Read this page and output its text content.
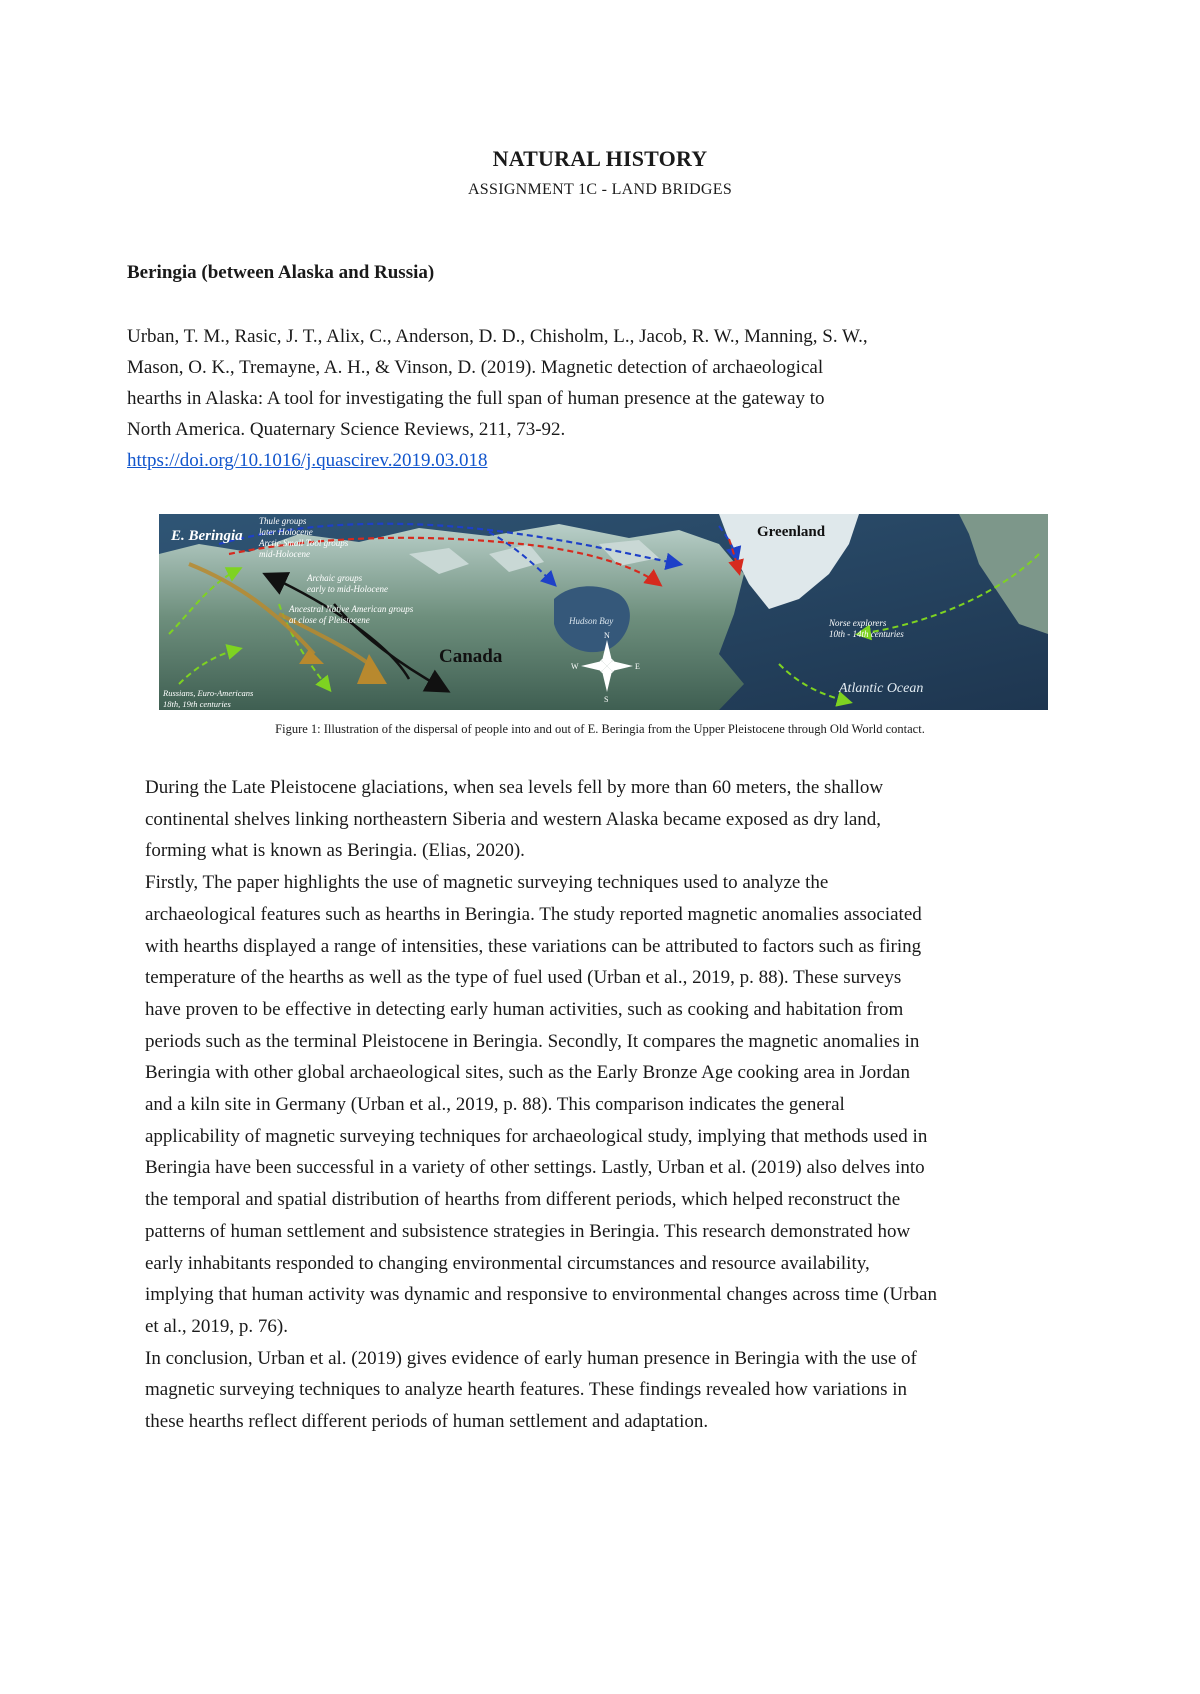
NATURAL HISTORY
ASSIGNMENT 1C - LAND BRIDGES
Beringia (between Alaska and Russia)
Urban, T. M., Rasic, J. T., Alix, C., Anderson, D. D., Chisholm, L., Jacob, R. W., Manning, S. W.,
Mason, O. K., Tremayne, A. H., & Vinson, D. (2019). Magnetic detection of archaeological
hearths in Alaska: A tool for investigating the full span of human presence at the gateway to
North America. Quaternary Science Reviews, 211, 73-92.
https://doi.org/10.1016/j.quascirev.2019.03.018
E. Beringia
Thule groups
later Holocene
Arctic Small Tool groups
mid-Holocene
Archaic groups
early to mid-Holocene
Ancestral Native American groups
at close of Pleistocene
Russians, Euro-Americans
18th, 19th centuries
Canada
Hudson Bay
Greenland
Norse explorers
10th - 14th centuries
Atlantic Ocean
N
S
E
W
Figure 1: Illustration of the dispersal of people into and out of E. Beringia from the Upper Pleistocene through Old World contact.
During the Late Pleistocene glaciations, when sea levels fell by more than 60 meters, the shallow
continental shelves linking northeastern Siberia and western Alaska became exposed as dry land,
forming what is known as Beringia. (Elias, 2020).
Firstly, The paper highlights the use of magnetic surveying techniques used to analyze the
archaeological features such as hearths in Beringia. The study reported magnetic anomalies associated
with hearths displayed a range of intensities, these variations can be attributed to factors such as firing
temperature of the hearths as well as the type of fuel used (Urban et al., 2019, p. 88). These surveys
have proven to be effective in detecting early human activities, such as cooking and habitation from
periods such as the terminal Pleistocene in Beringia. Secondly, It compares the magnetic anomalies in
Beringia with other global archaeological sites, such as the Early Bronze Age cooking area in Jordan
and a kiln site in Germany (Urban et al., 2019, p. 88). This comparison indicates the general
applicability of magnetic surveying techniques for archaeological study, implying that methods used in
Beringia have been successful in a variety of other settings. Lastly, Urban et al. (2019) also delves into
the temporal and spatial distribution of hearths from different periods, which helped reconstruct the
patterns of human settlement and subsistence strategies in Beringia. This research demonstrated how
early inhabitants responded to changing environmental circumstances and resource availability,
implying that human activity was dynamic and responsive to environmental changes across time (Urban
et al., 2019, p. 76).
In conclusion, Urban et al. (2019) gives evidence of early human presence in Beringia with the use of
magnetic surveying techniques to analyze hearth features. These findings revealed how variations in
these hearths reflect different periods of human settlement and adaptation.
